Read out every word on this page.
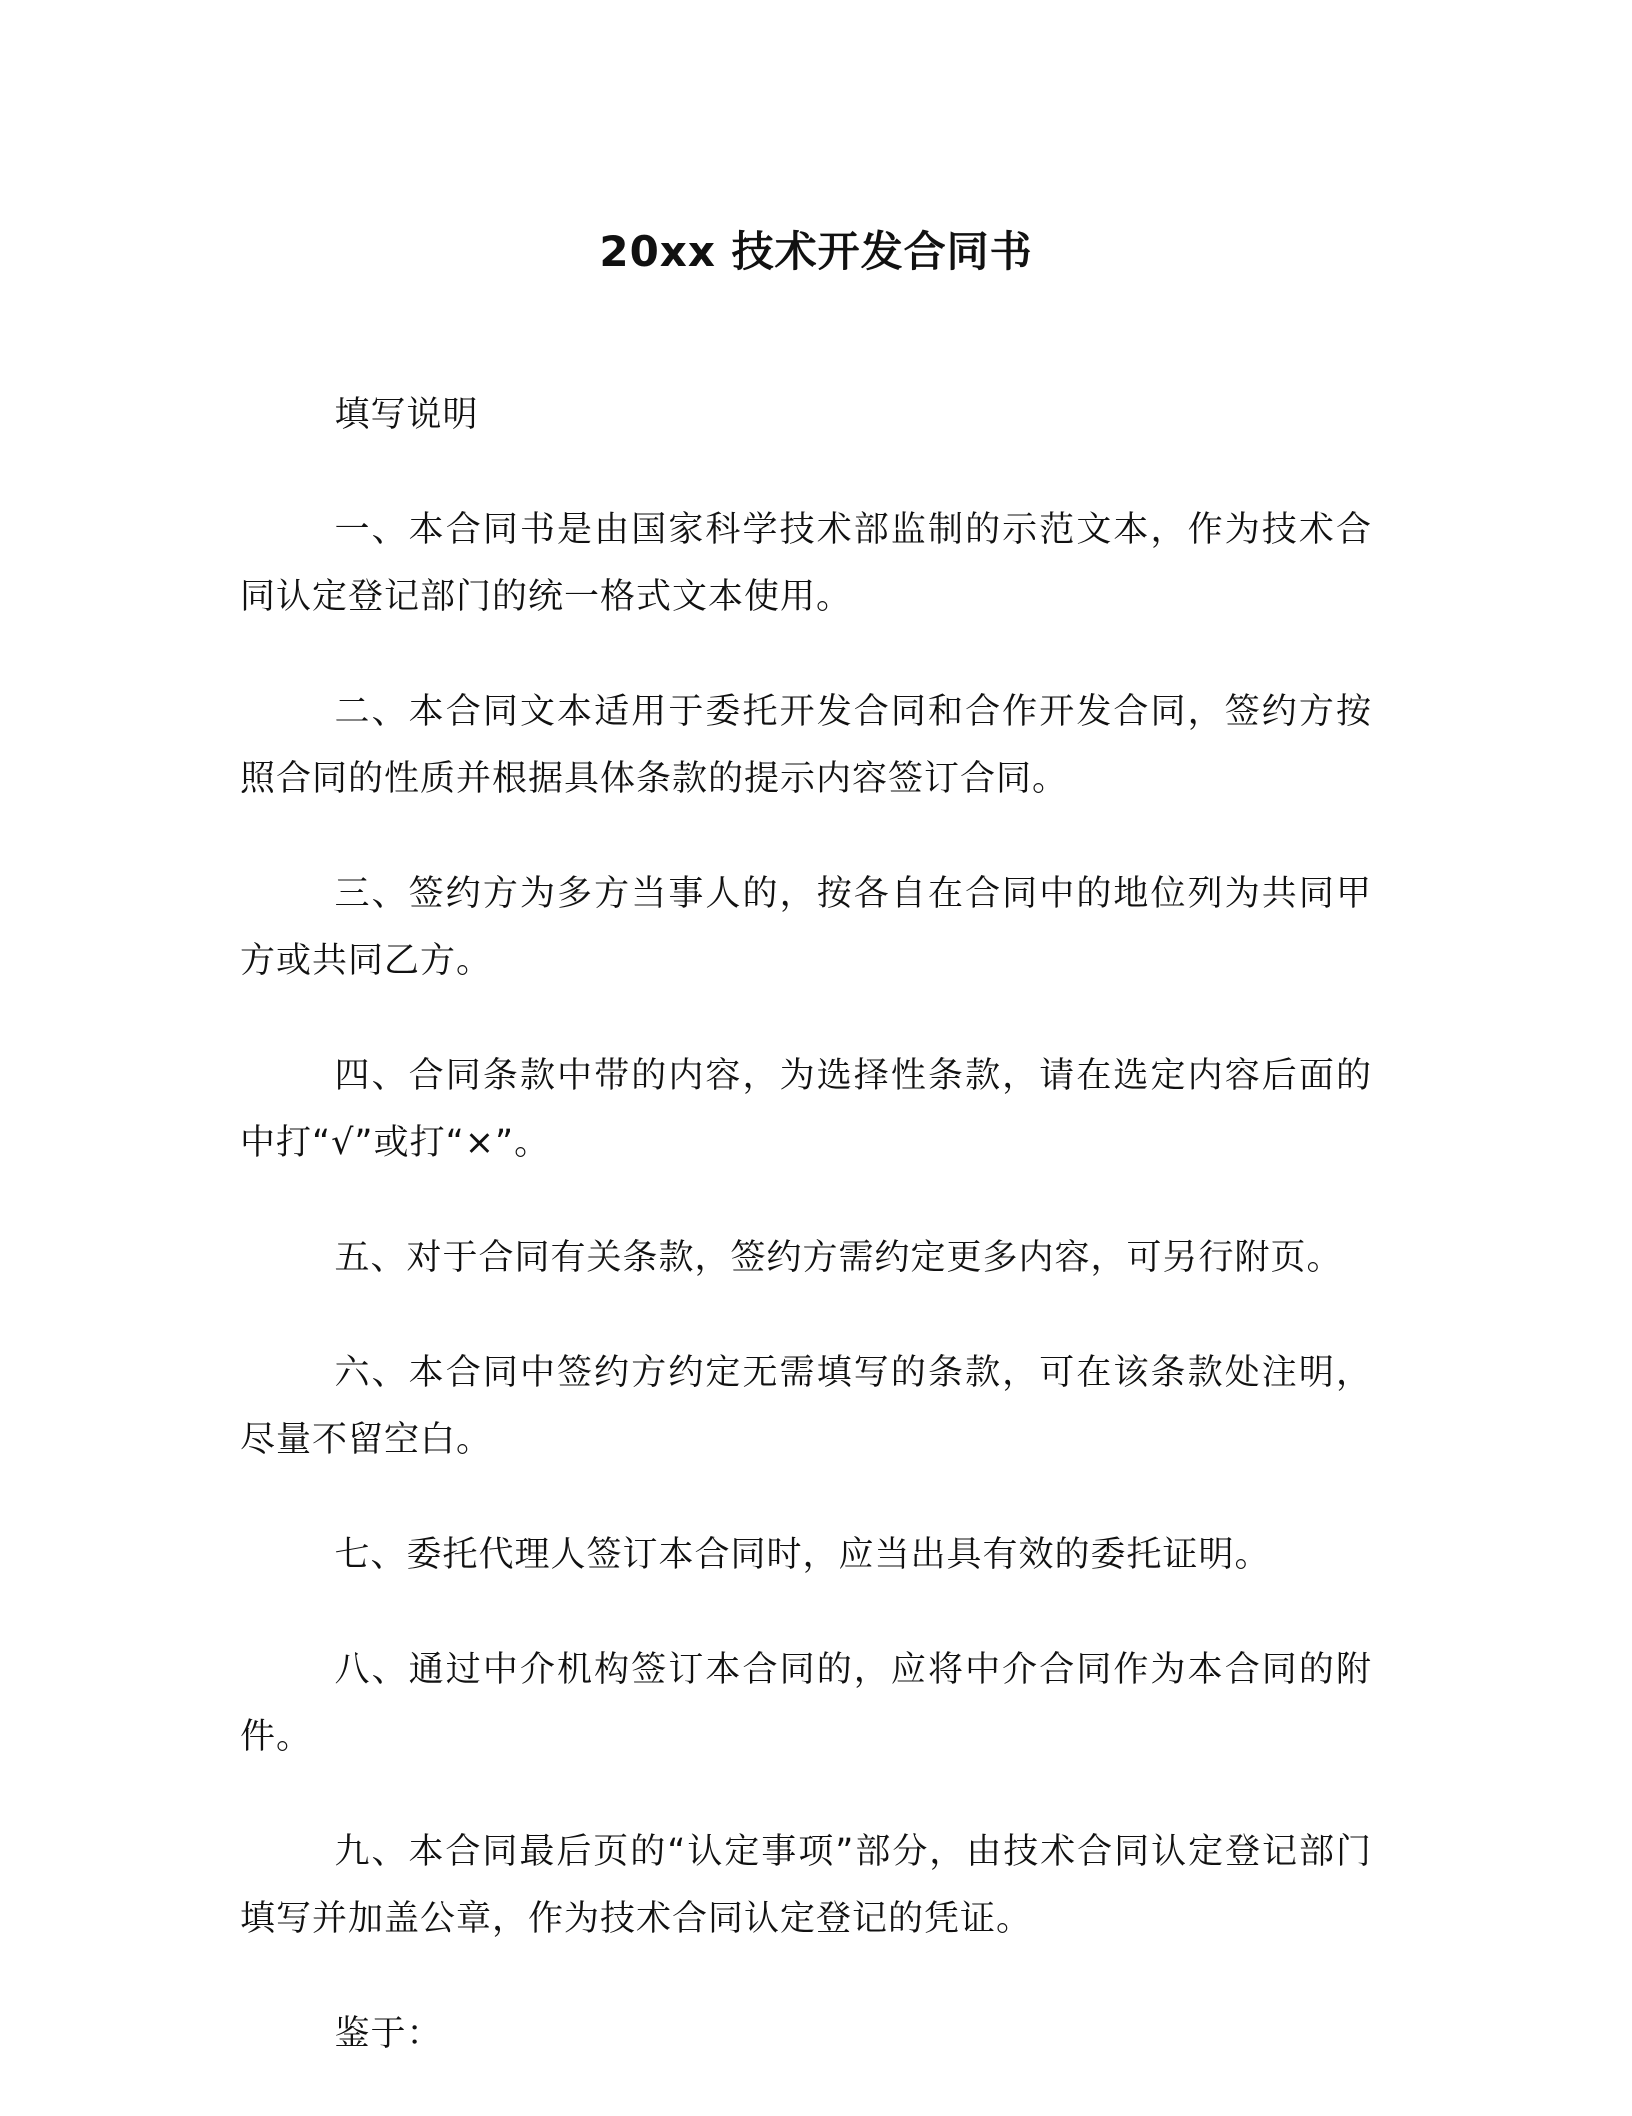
20xx 技术开发合同书

填写说明

一、本合同书是由国家科学技术部监制的示范文本，作为技术合同认定登记部门的统一格式文本使用。

二、本合同文本适用于委托开发合同和合作开发合同，签约方按照合同的性质并根据具体条款的提示内容签订合同。

三、签约方为多方当事人的，按各自在合同中的地位列为共同甲方或共同乙方。

四、合同条款中带的内容，为选择性条款，请在选定内容后面的中打“√”或打“×”。

五、对于合同有关条款，签约方需约定更多内容，可另行附页。

六、本合同中签约方约定无需填写的条款，可在该条款处注明，尽量不留空白。

七、委托代理人签订本合同时，应当出具有效的委托证明。

八、通过中介机构签订本合同的，应将中介合同作为本合同的附件。

九、本合同最后页的“认定事项”部分，由技术合同认定登记部门填写并加盖公章，作为技术合同认定登记的凭证。

鉴于：
